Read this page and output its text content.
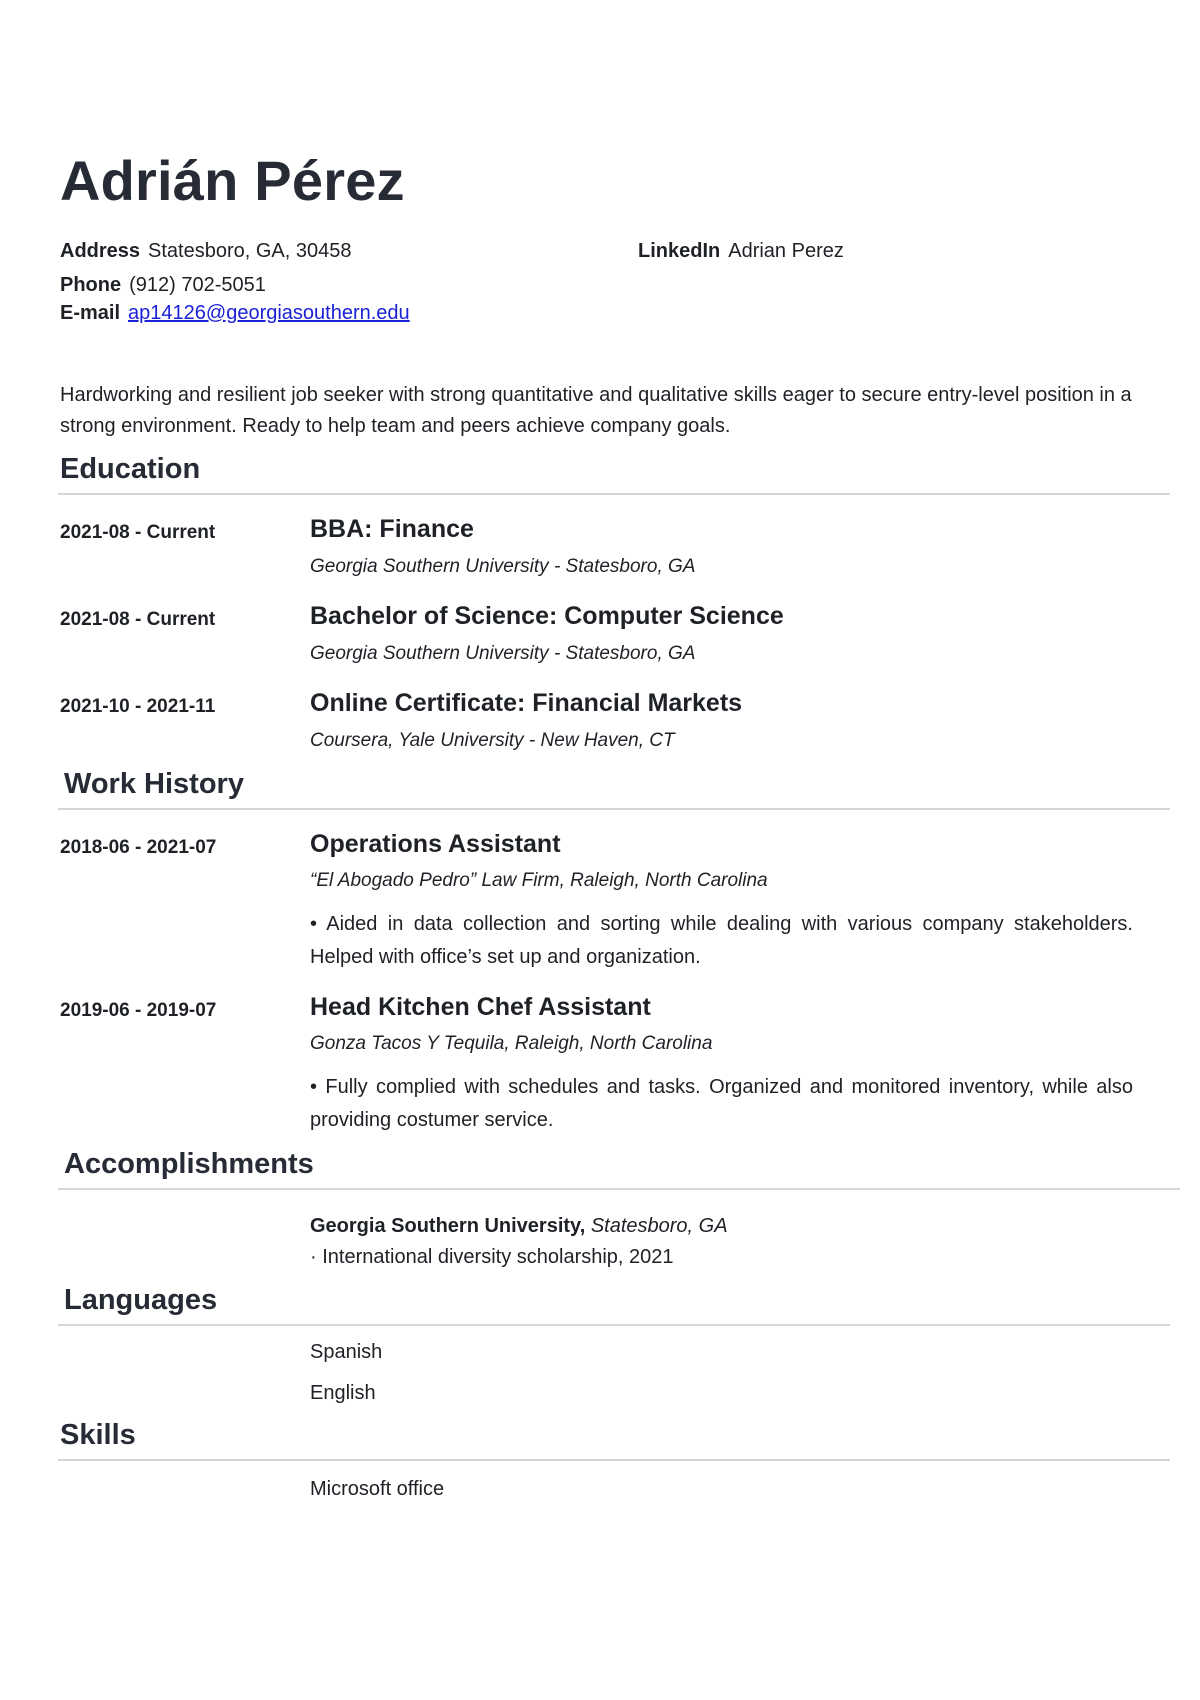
Adrián Pérez
Address Statesboro, GA, 30458	LinkedIn Adrian Perez
Phone (912) 702-5051
E-mail ap14126@georgiasouthern.edu

Hardworking and resilient job seeker with strong quantitative and qualitative skills eager to secure entry-level position in a strong environment. Ready to help team and peers achieve company goals.

Education
2021-08 - Current	BBA: Finance
Georgia Southern University - Statesboro, GA
2021-08 - Current	Bachelor of Science: Computer Science
Georgia Southern University - Statesboro, GA
2021-10 - 2021-11	Online Certificate: Financial Markets
Coursera, Yale University - New Haven, CT
Work History
2018-06 - 2021-07	Operations Assistant
“El Abogado Pedro” Law Firm, Raleigh, North Carolina

• Aided in data collection and sorting while dealing with various company stakeholders. Helped with office’s set up and organization.

2019-06 - 2019-07	Head Kitchen Chef Assistant
Gonza Tacos Y Tequila, Raleigh, North Carolina

• Fully complied with schedules and tasks. Organized and monitored inventory, while also providing costumer service.

Accomplishments
Georgia Southern University, Statesboro, GA
· International diversity scholarship, 2021
Languages
Spanish
English
Skills
Microsoft office
